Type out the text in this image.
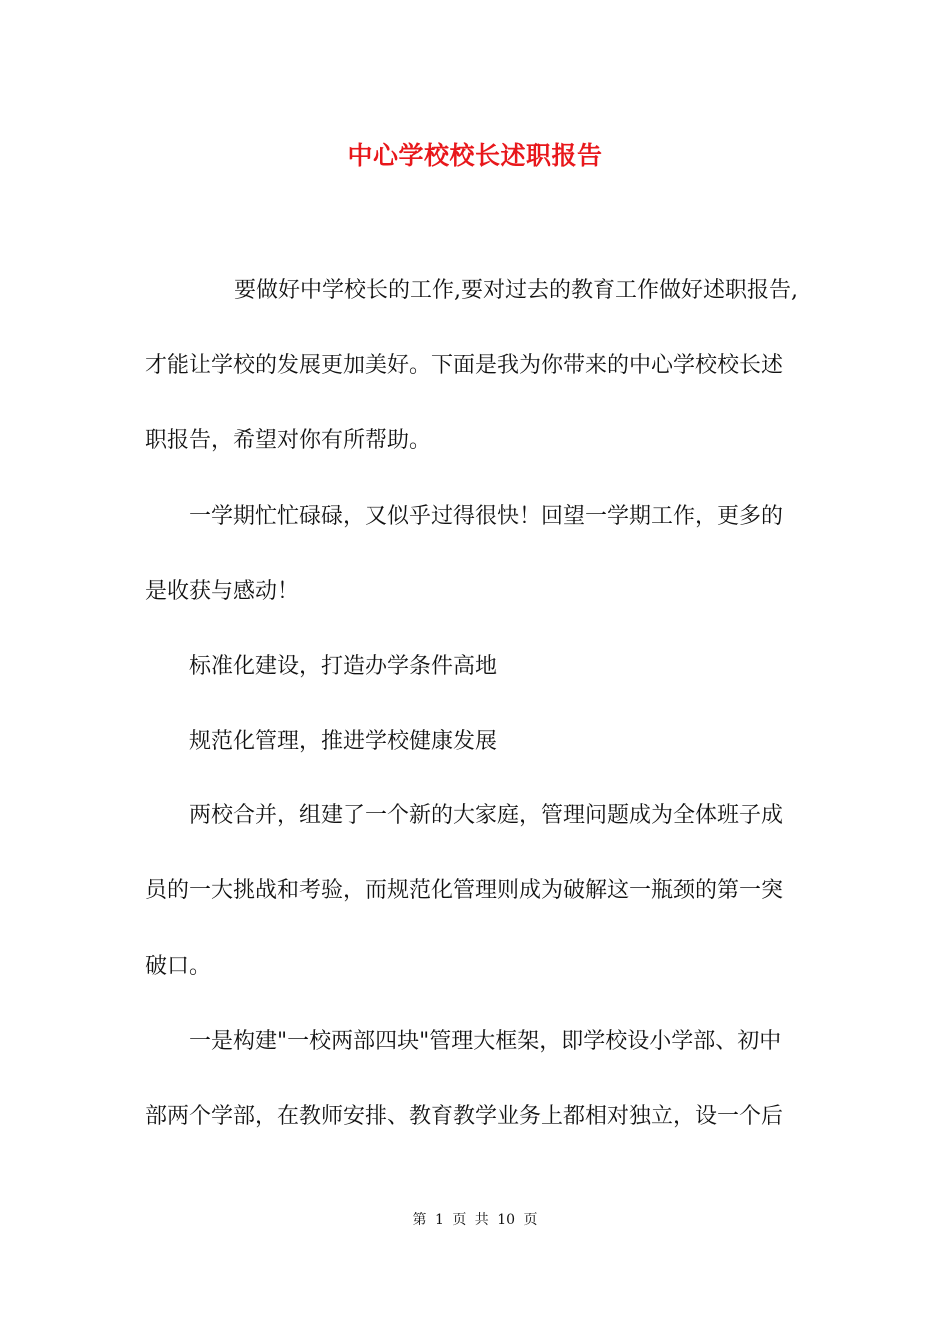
中心学校校长述职报告
要做好中学校长的工作,要对过去的教育工作做好述职报告,
才能让学校的发展更加美好。下面是我为你带来的中心学校校长述
职报告，希望对你有所帮助。
一学期忙忙碌碌，又似乎过得很快！回望一学期工作，更多的
是收获与感动！
标准化建设，打造办学条件高地
规范化管理，推进学校健康发展
两校合并，组建了一个新的大家庭，管理问题成为全体班子成
员的一大挑战和考验，而规范化管理则成为破解这一瓶颈的第一突
破口。
一是构建"一校两部四块"管理大框架，即学校设小学部、初中
部两个学部，在教师安排、教育教学业务上都相对独立，设一个后
第 1 页 共 10 页
